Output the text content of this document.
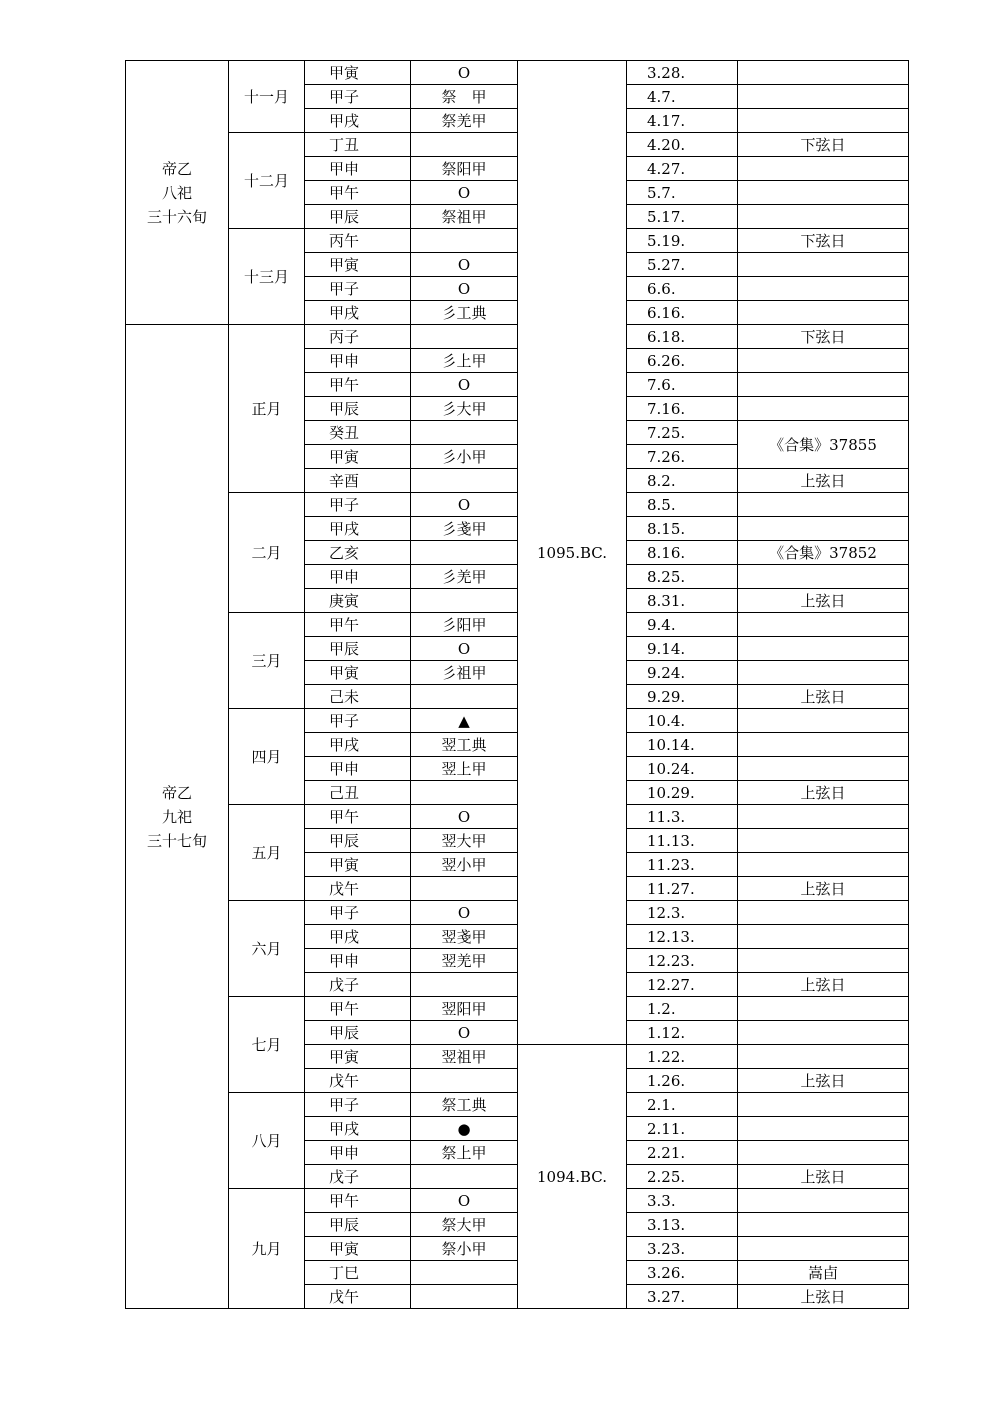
帝乙
八祀
三十六旬	十一月	甲寅	O	1095.BC.	3.28.	
		甲子	祭　甲		4.7.	
		甲戌	祭羌甲		4.17.	
	十二月	丁丑			4.20.	下弦日
		甲申	祭阳甲		4.27.	
		甲午	O		5.7.	
		甲辰	祭祖甲		5.17.	
	十三月	丙午			5.19.	下弦日
		甲寅	O		5.27.	
		甲子	O		6.6.	
		甲戌	彡工典		6.16.	

帝乙
九祀
三十七旬	正月	丙子			6.18.	下弦日
		甲申	彡上甲		6.26.	
		甲午	O		7.6.	
		甲辰	彡大甲		7.16.	
		癸丑			7.25.	《合集》37855
		甲寅	彡小甲		7.26.	
		辛酉			8.2.	上弦日
	二月	甲子	O		8.5.	
		甲戌	彡戔甲		8.15.	
		乙亥			8.16.	《合集》37852
		甲申	彡羌甲		8.25.	
		庚寅			8.31.	上弦日
	三月	甲午	彡阳甲		9.4.	
		甲辰	O		9.14.	
		甲寅	彡祖甲		9.24.	
		己未			9.29.	上弦日
	四月	甲子	▲		10.4.	
		甲戌	翌工典		10.14.	
		甲申	翌上甲		10.24.	
		己丑			10.29.	上弦日
	五月	甲午	O		11.3.	
		甲辰	翌大甲		11.13.	
		甲寅	翌小甲		11.23.	
		戊午			11.27.	上弦日
	六月	甲子	O		12.3.	
		甲戌	翌戔甲		12.13.	
		甲申	翌羌甲		12.23.	
		戊子			12.27.	上弦日
	七月	甲午	翌阳甲		1.2.	
		甲辰	O		1.12.	
		甲寅	翌祖甲	1094.BC.	1.22.	
		戊午			1.26.	上弦日
	八月	甲子	祭工典		2.1.	
		甲戌	●		2.11.	
		甲申	祭上甲		2.21.	
		戊子			2.25.	上弦日
	九月	甲午	O		3.3.	
		甲辰	祭大甲		3.13.	
		甲寅	祭小甲		3.23.	
		丁巳			3.26.	嵩卣
		戊午			3.27.	上弦日
